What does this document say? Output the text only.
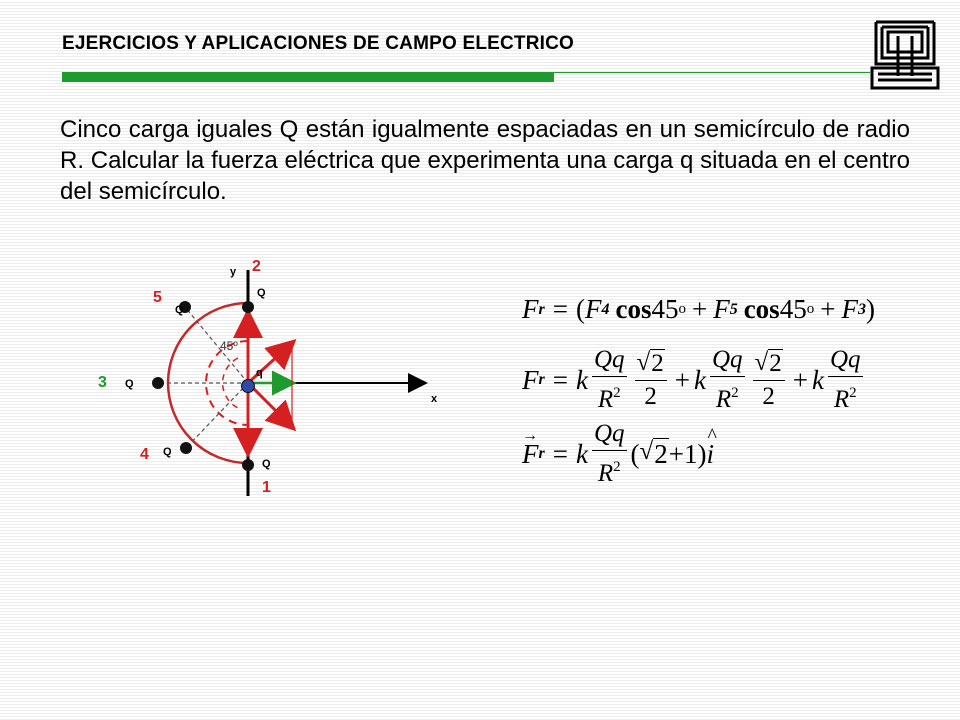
EJERCICIOS Y APLICACIONES DE CAMPO ELECTRICO

Cinco carga iguales Q están igualmente espaciadas en un semicírculo de radio R. Calcular la fuerza eléctrica que experimenta una carga q situada en el centro del semicírculo.

x
y
45º
q
2
Q
5
Q
3 Q
4 Q
1
Q
F r = ( F 4 cos 45 o + F 5 cos 45 o + F 3 )
F r = k $\frac{Qq}{R^2} \frac{√ 2}{2} + k \frac{Qq}{R^2} \frac{√ 2}{2} + k \frac{Qq}{R^2}$
→
F r = k $\frac{Qq}{R^2}$ ( √ 2 +1)
^
i
